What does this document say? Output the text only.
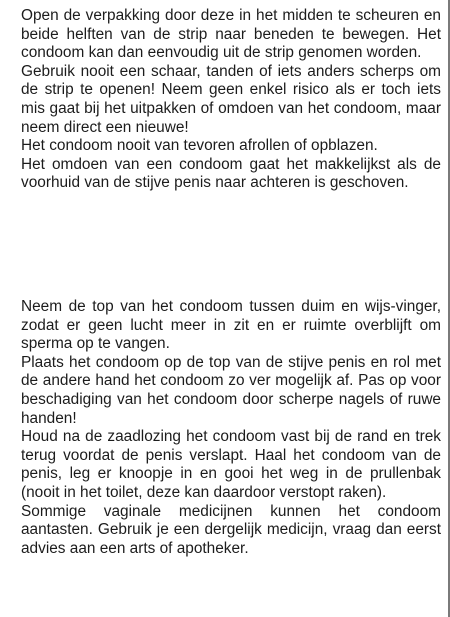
Open de verpakking door deze in het midden te scheuren en beide helften van de strip naar beneden te bewegen. Het condoom kan dan eenvoudig uit de strip genomen worden.

Gebruik nooit een schaar, tanden of iets anders scherps om de strip te openen! Neem geen enkel risico als er toch iets mis gaat bij het uitpakken of omdoen van het condoom, maar neem direct een nieuwe!

Het condoom nooit van tevoren afrollen of opblazen.

Het omdoen van een condoom gaat het makkelijkst als de voorhuid van de stijve penis naar achteren is geschoven.

Neem de top van het condoom tussen duim en wijs-vinger, zodat er geen lucht meer in zit en er ruimte overblijft om sperma op te vangen.

Plaats het condoom op de top van de stijve penis en rol met de andere hand het condoom zo ver mogelijk af. Pas op voor beschadiging van het condoom door scherpe nagels of ruwe handen!

Houd na de zaadlozing het condoom vast bij de rand en trek terug voordat de penis verslapt. Haal het condoom van de penis, leg er knoopje in en gooi het weg in de prullenbak (nooit in het toilet, deze kan daardoor verstopt raken).

Sommige vaginale medicijnen kunnen het condoom aantasten. Gebruik je een dergelijk medicijn, vraag dan eerst advies aan een arts of apotheker.
